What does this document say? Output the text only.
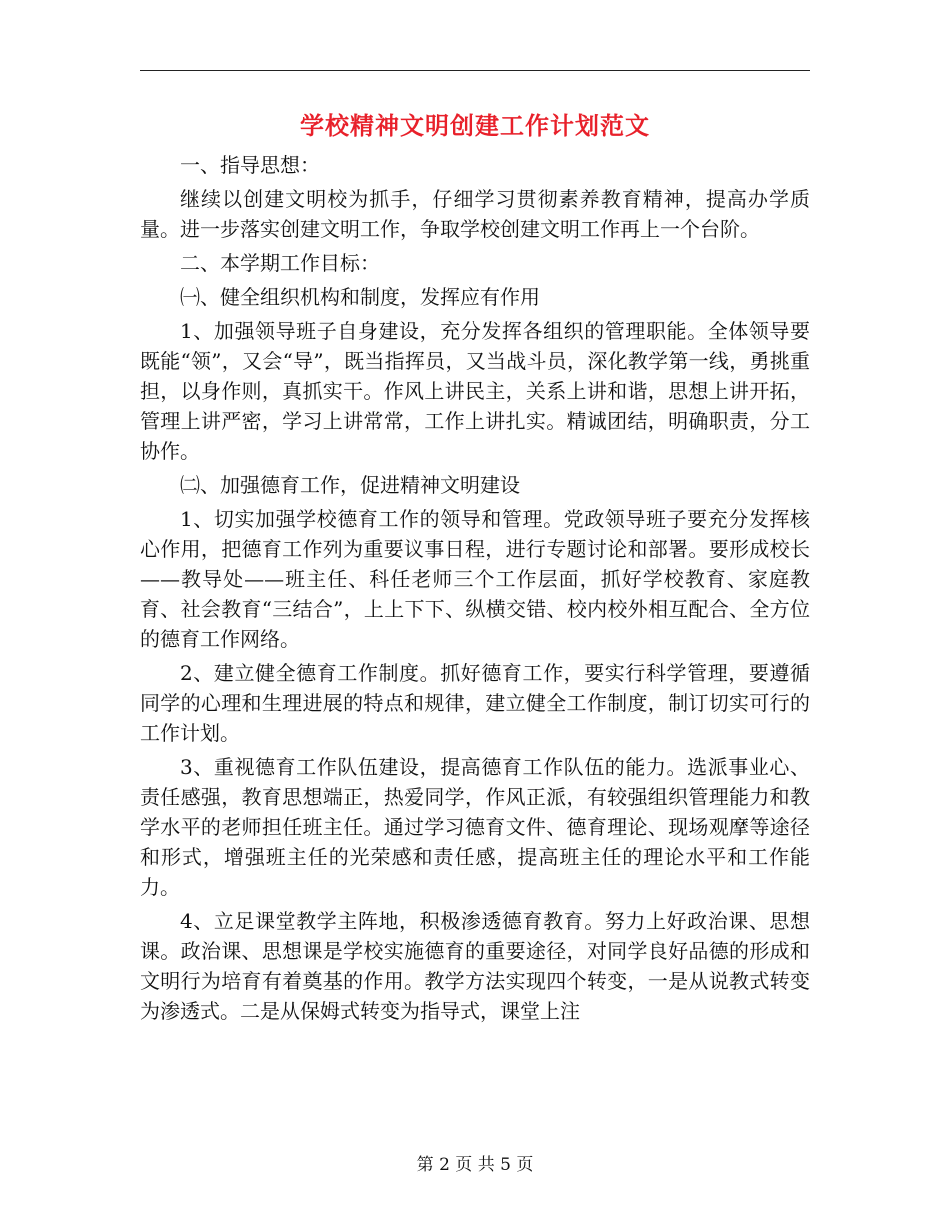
学校精神文明创建工作计划范文

一、指导思想：

继续以创建文明校为抓手，仔细学习贯彻素养教育精神，提高办学质量。进一步落实创建文明工作，争取学校创建文明工作再上一个台阶。

二、本学期工作目标：

㈠、健全组织机构和制度，发挥应有作用

1、加强领导班子自身建设，充分发挥各组织的管理职能。全体领导要既能“领”，又会“导”，既当指挥员，又当战斗员，深化教学第一线，勇挑重担，以身作则，真抓实干。作风上讲民主，关系上讲和谐，思想上讲开拓，管理上讲严密，学习上讲常常，工作上讲扎实。精诚团结，明确职责，分工协作。

㈡、加强德育工作，促进精神文明建设

1、切实加强学校德育工作的领导和管理。党政领导班子要充分发挥核心作用，把德育工作列为重要议事日程，进行专题讨论和部署。要形成校长——教导处——班主任、科任老师三个工作层面，抓好学校教育、家庭教育、社会教育“三结合”，上上下下、纵横交错、校内校外相互配合、全方位的德育工作网络。

2、建立健全德育工作制度。抓好德育工作，要实行科学管理，要遵循同学的心理和生理进展的特点和规律，建立健全工作制度，制订切实可行的工作计划。

3、重视德育工作队伍建设，提高德育工作队伍的能力。选派事业心、责任感强，教育思想端正，热爱同学，作风正派，有较强组织管理能力和教学水平的老师担任班主任。通过学习德育文件、德育理论、现场观摩等途径和形式，增强班主任的光荣感和责任感，提高班主任的理论水平和工作能力。

4、立足课堂教学主阵地，积极渗透德育教育。努力上好政治课、思想课。政治课、思想课是学校实施德育的重要途径，对同学良好品德的形成和文明行为培育有着奠基的作用。教学方法实现四个转变，一是从说教式转变为渗透式。二是从保姆式转变为指导式，课堂上注

第 2 页 共 5 页
